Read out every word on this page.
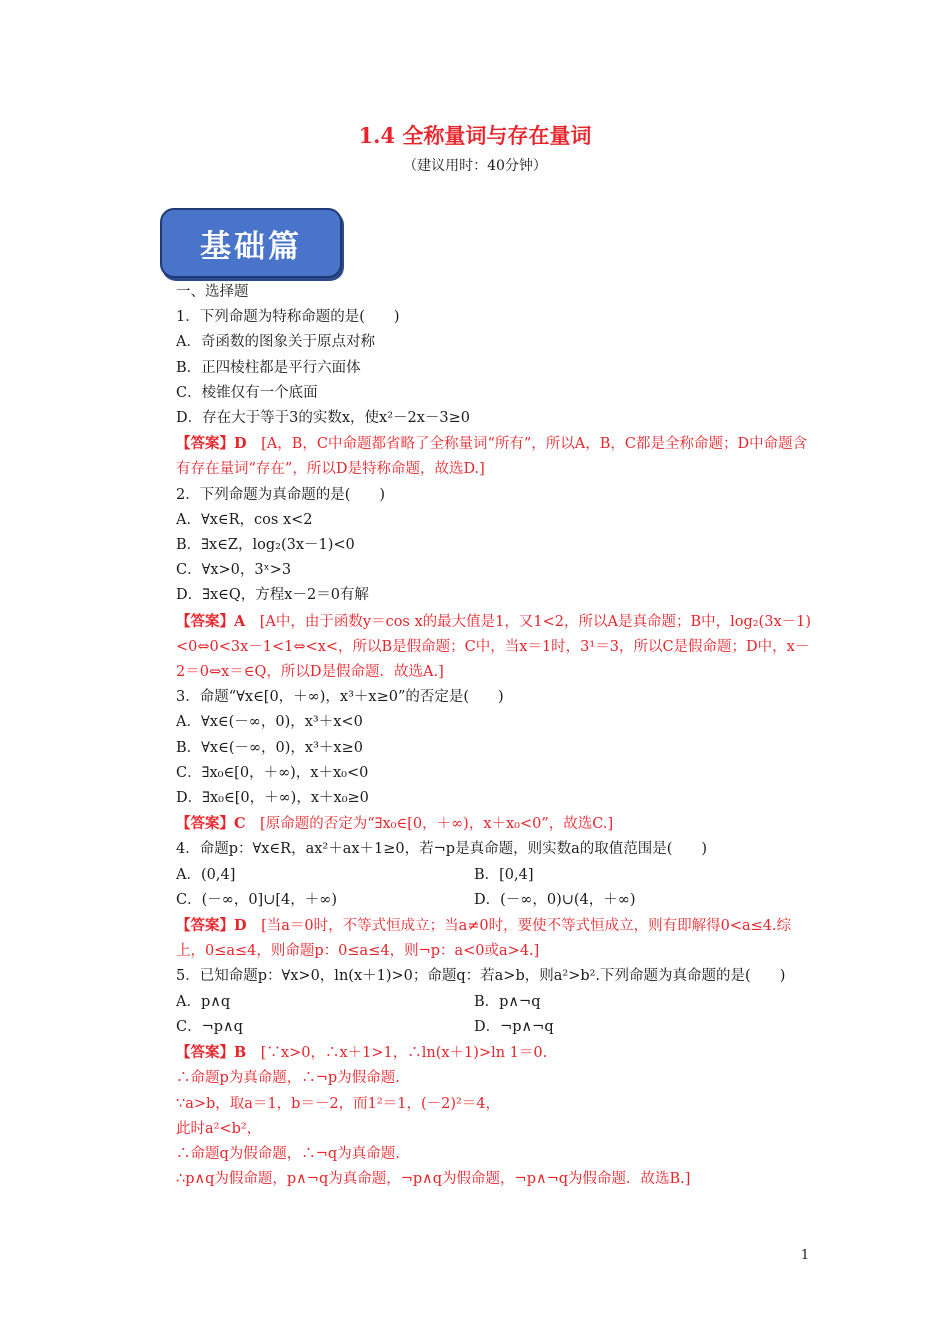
1.4 全称量词与存在量词
（建议用时：40分钟）
基础篇
一、选择题
1．下列命题为特称命题的是(　　)
A．奇函数的图象关于原点对称
B．正四棱柱都是平行六面体
C．棱锥仅有一个底面
D．存在大于等于3的实数x，使x²－2x－3≥0
【答案】D　[A，B，C中命题都省略了全称量词“所有”，所以A，B，C都是全称命题；D中命题含有存在量词“存在”，所以D是特称命题，故选D.]
2．下列命题为真命题的是(　　)
A．∀x∈R，cos x<2
B．∃x∈Z，log₂(3x－1)<0
C．∀x>0，3ˣ>3
D．∃x∈Q，方程x－2＝0有解
【答案】A　[A中，由于函数y＝cos x的最大值是1，又1<2，所以A是真命题；B中，log₂(3x－1)<0⇔0<3x－1<1⇔<x<，所以B是假命题；C中，当x＝1时，3¹＝3，所以C是假命题；D中，x－2＝0⇔x＝∈Q，所以D是假命题．故选A.]
3．命题“∀x∈[0，＋∞)，x³＋x≥0”的否定是(　　)
A．∀x∈(－∞，0)，x³＋x<0
B．∀x∈(－∞，0)，x³＋x≥0
C．∃x₀∈[0，＋∞)，x＋x₀<0
D．∃x₀∈[0，＋∞)，x＋x₀≥0
【答案】C　[原命题的否定为“∃x₀∈[0，＋∞)，x＋x₀<0”，故选C.]
4．命题p：∀x∈R，ax²＋ax＋1≥0，若¬p是真命题，则实数a的取值范围是(　　)
A．(0,4]	B．[0,4]
C．(－∞，0]∪[4，＋∞)	D．(－∞，0)∪(4，＋∞)
【答案】D　[当a＝0时，不等式恒成立；当a≠0时，要使不等式恒成立，则有即解得0<a≤4.综上，0≤a≤4，则命题p：0≤a≤4，则¬p：a<0或a>4.]
5．已知命题p：∀x>0，ln(x＋1)>0；命题q：若a>b，则a²>b².下列命题为真命题的是(　　)
A．p∧q	B．p∧¬q
C．¬p∧q	D．¬p∧¬q
【答案】B　[∵x>0，∴x＋1>1，∴ln(x＋1)>ln 1＝0.
∴命题p为真命题，∴¬p为假命题.
∵a>b，取a＝1，b＝－2，而1²＝1，(－2)²＝4，
此时a²<b²，
∴命题q为假命题，∴¬q为真命题.
∴p∧q为假命题，p∧¬q为真命题，¬p∧q为假命题，¬p∧¬q为假命题．故选B.]
1
